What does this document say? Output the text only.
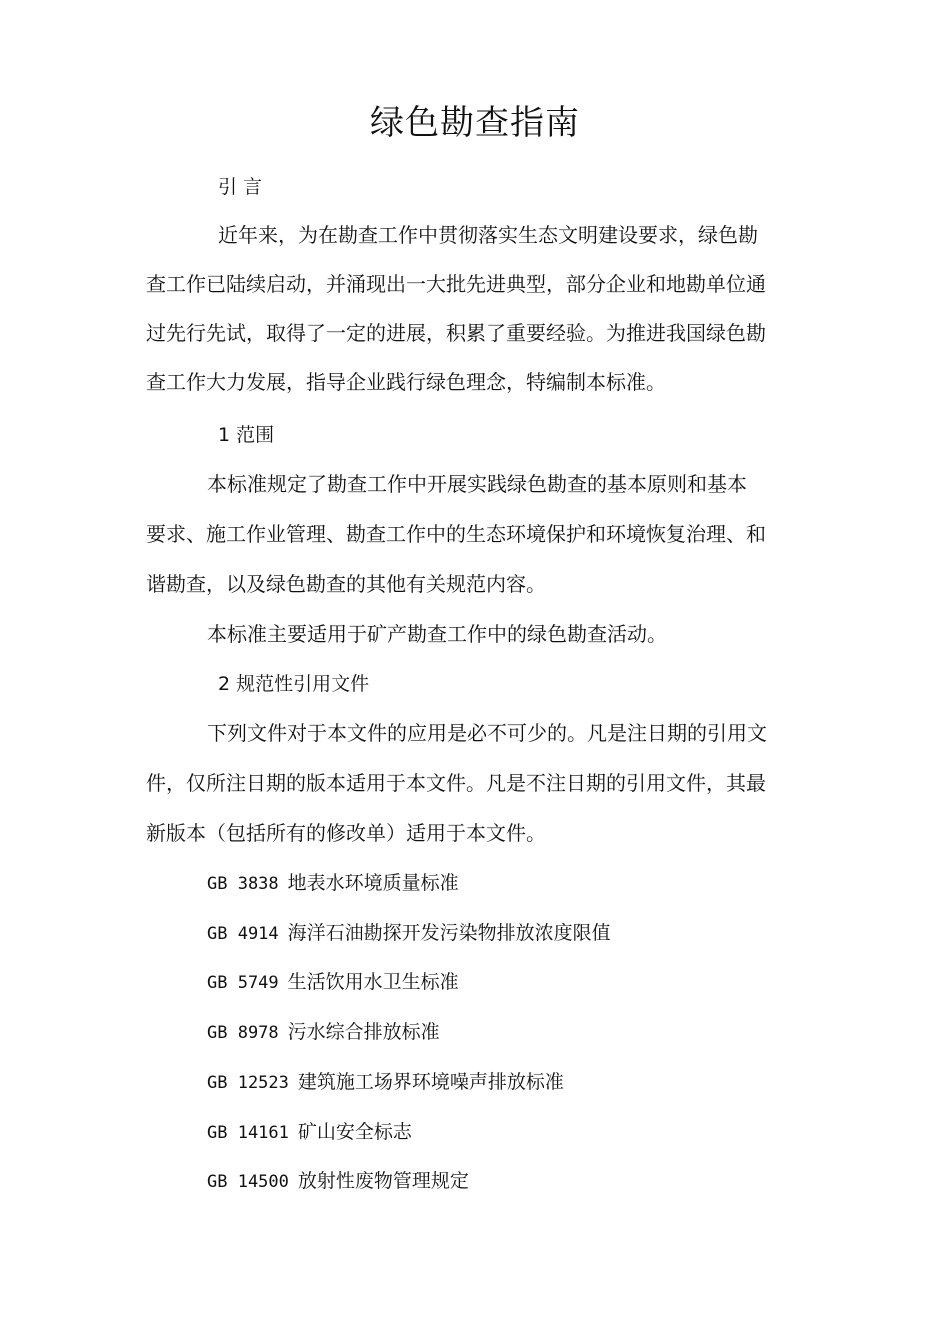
绿色勘查指南
引 言
近年来，为在勘查工作中贯彻落实生态文明建设要求，绿色勘
查工作已陆续启动，并涌现出一大批先进典型，部分企业和地勘单位通
过先行先试，取得了一定的进展，积累了重要经验。为推进我国绿色勘
查工作大力发展，指导企业践行绿色理念，特编制本标准。
1 范围
本标准规定了勘查工作中开展实践绿色勘查的基本原则和基本
要求、施工作业管理、勘查工作中的生态环境保护和环境恢复治理、和
谐勘查，以及绿色勘查的其他有关规范内容。
本标准主要适用于矿产勘查工作中的绿色勘查活动。
2 规范性引用文件
下列文件对于本文件的应用是必不可少的。凡是注日期的引用文
件，仅所注日期的版本适用于本文件。凡是不注日期的引用文件，其最
新版本（包括所有的修改单）适用于本文件。
GB 3838 地表水环境质量标准
GB 4914 海洋石油勘探开发污染物排放浓度限值
GB 5749 生活饮用水卫生标准
GB 8978 污水综合排放标准
GB 12523 建筑施工场界环境噪声排放标准
GB 14161 矿山安全标志
GB 14500 放射性废物管理规定
